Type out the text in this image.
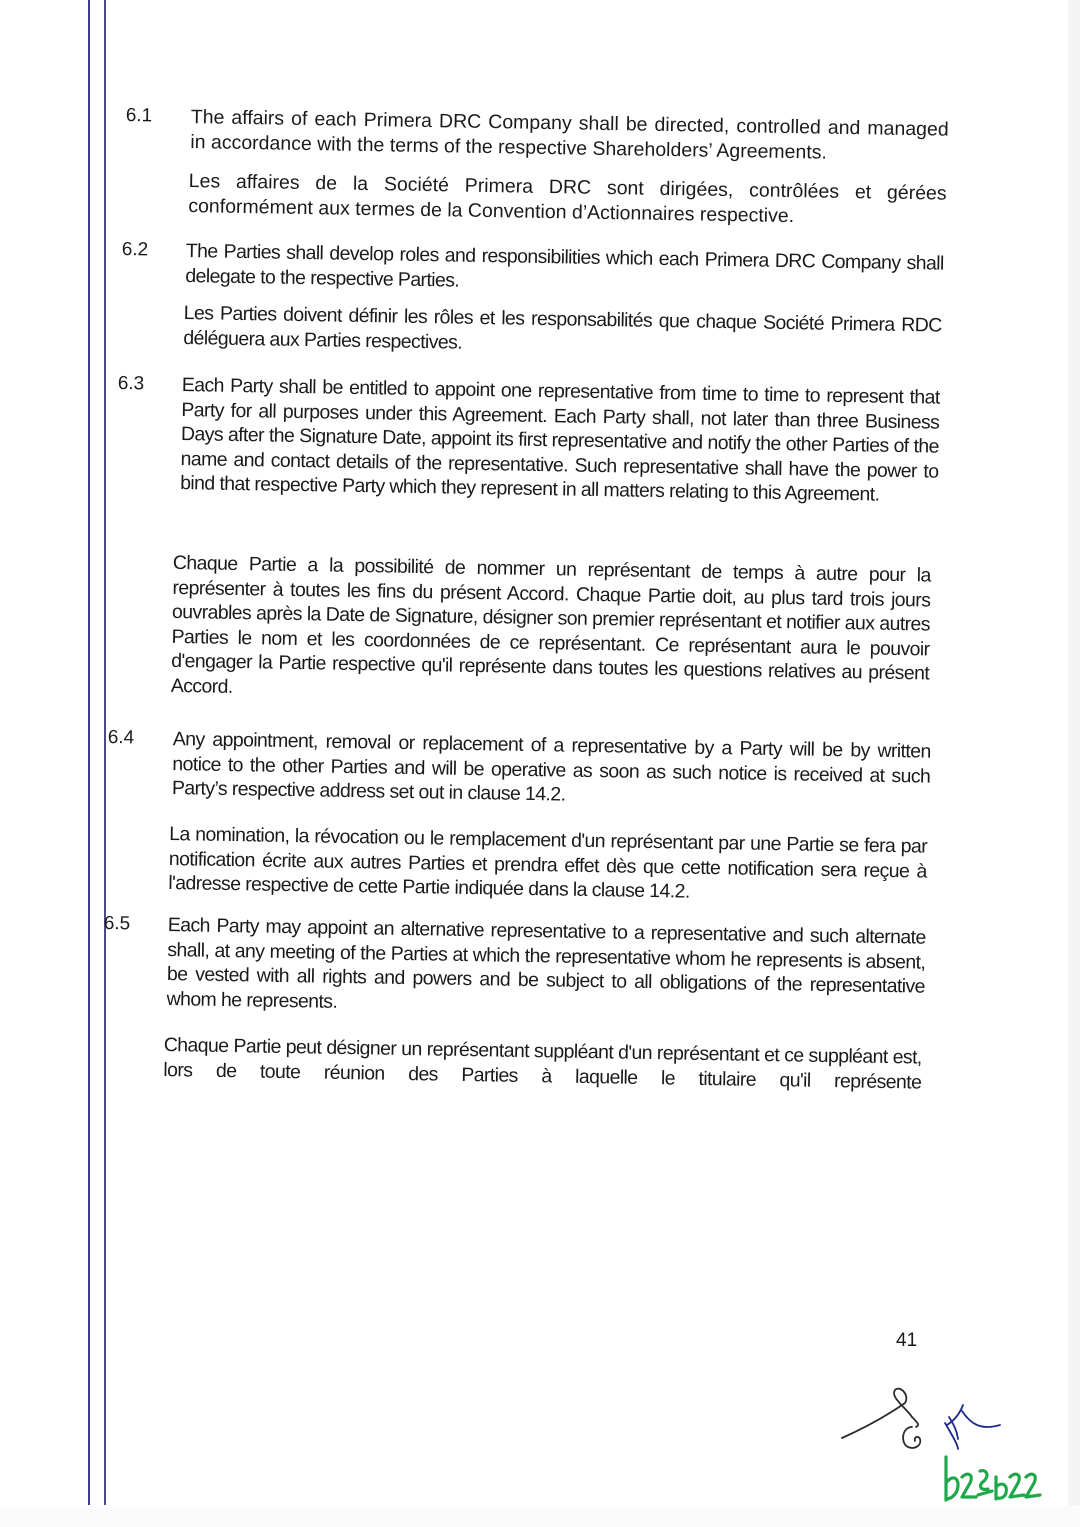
6.1 The affairs of each Primera DRC Company shall be directed, controlled and managed in accordance with the terms of the respective Shareholders’ Agreements.
Les affaires de la Société Primera DRC sont dirigées, contrôlées et gérées conformément aux termes de la Convention d’Actionnaires respective.
6.2 The Parties shall develop roles and responsibilities which each Primera DRC Company shall delegate to the respective Parties.
Les Parties doivent définir les rôles et les responsabilités que chaque Société Primera RDC déléguera aux Parties respectives.
6.3 Each Party shall be entitled to appoint one representative from time to time to represent that Party for all purposes under this Agreement. Each Party shall, not later than three Business Days after the Signature Date, appoint its first representative and notify the other Parties of the name and contact details of the representative. Such representative shall have the power to bind that respective Party which they represent in all matters relating to this Agreement.
Chaque Partie a la possibilité de nommer un représentant de temps à autre pour la représenter à toutes les fins du présent Accord. Chaque Partie doit, au plus tard trois jours ouvrables après la Date de Signature, désigner son premier représentant et notifier aux autres Parties le nom et les coordonnées de ce représentant. Ce représentant aura le pouvoir d'engager la Partie respective qu'il représente dans toutes les questions relatives au présent Accord.
6.4 Any appointment, removal or replacement of a representative by a Party will be by written notice to the other Parties and will be operative as soon as such notice is received at such Party’s respective address set out in clause 14.2.
La nomination, la révocation ou le remplacement d'un représentant par une Partie se fera par notification écrite aux autres Parties et prendra effet dès que cette notification sera reçue à l'adresse respective de cette Partie indiquée dans la clause 14.2.
6.5 Each Party may appoint an alternative representative to a representative and such alternate shall, at any meeting of the Parties at which the representative whom he represents is absent, be vested with all rights and powers and be subject to all obligations of the representative whom he represents.
Chaque Partie peut désigner un représentant suppléant d'un représentant et ce suppléant est, lors de toute réunion des Parties à laquelle le titulaire qu'il représente
41
